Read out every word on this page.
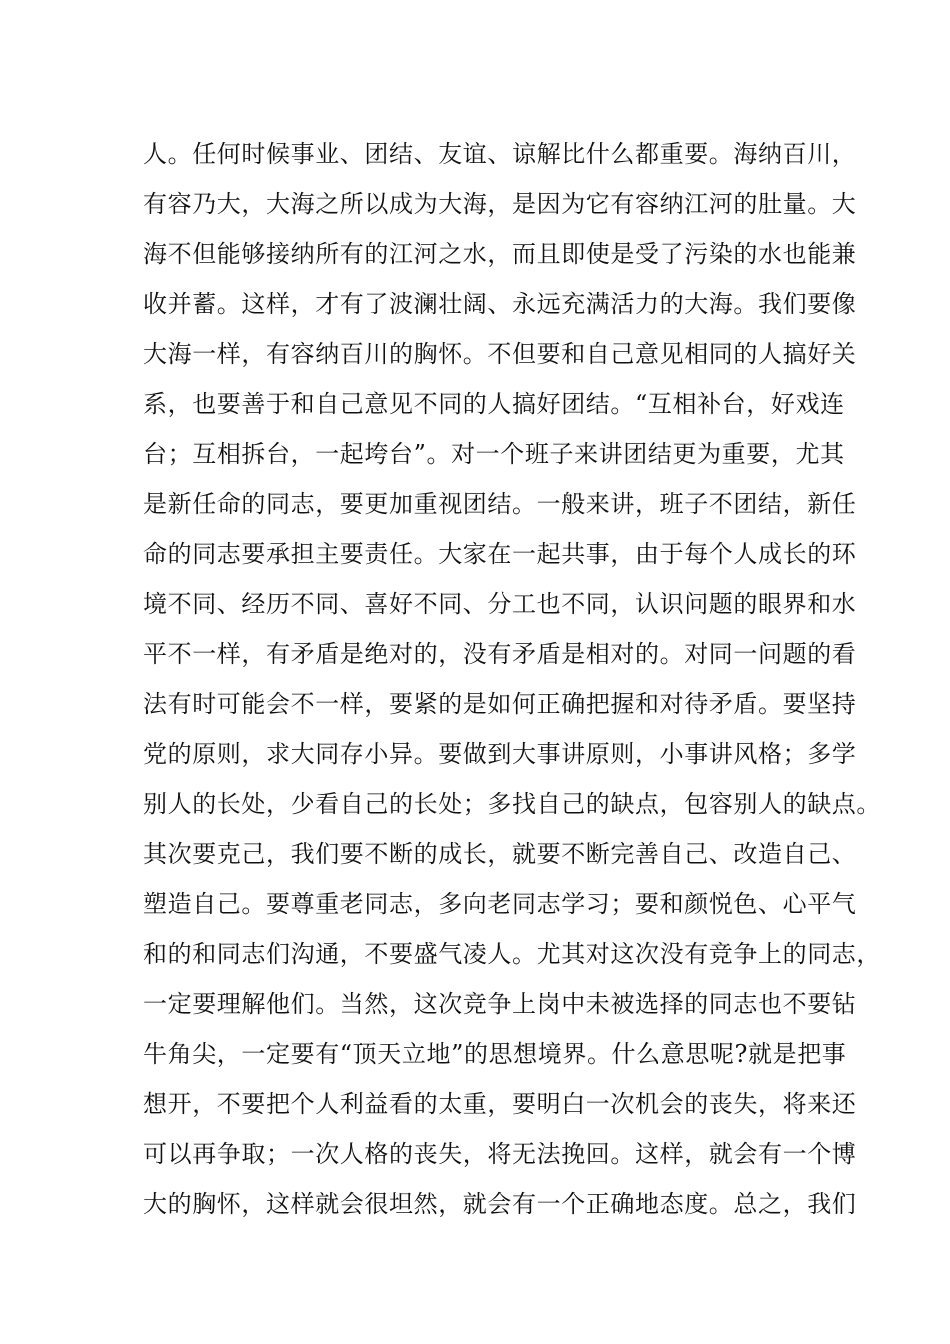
人。任何时候事业、团结、友谊、谅解比什么都重要。海纳百川，
有容乃大，大海之所以成为大海，是因为它有容纳江河的肚量。大
海不但能够接纳所有的江河之水，而且即使是受了污染的水也能兼
收并蓄。这样，才有了波澜壮阔、永远充满活力的大海。我们要像
大海一样，有容纳百川的胸怀。不但要和自己意见相同的人搞好关
系，也要善于和自己意见不同的人搞好团结。“互相补台，好戏连
台；互相拆台，一起垮台”。对一个班子来讲团结更为重要，尤其
是新任命的同志，要更加重视团结。一般来讲，班子不团结，新任
命的同志要承担主要责任。大家在一起共事，由于每个人成长的环
境不同、经历不同、喜好不同、分工也不同，认识问题的眼界和水
平不一样，有矛盾是绝对的，没有矛盾是相对的。对同一问题的看
法有时可能会不一样，要紧的是如何正确把握和对待矛盾。要坚持
党的原则，求大同存小异。要做到大事讲原则，小事讲风格；多学
别人的长处，少看自己的长处；多找自己的缺点，包容别人的缺点。
其次要克己，我们要不断的成长，就要不断完善自己、改造自己、
塑造自己。要尊重老同志，多向老同志学习；要和颜悦色、心平气
和的和同志们沟通，不要盛气凌人。尤其对这次没有竞争上的同志，
一定要理解他们。当然，这次竞争上岗中未被选择的同志也不要钻
牛角尖，一定要有“顶天立地”的思想境界。什么意思呢?就是把事
想开，不要把个人利益看的太重，要明白一次机会的丧失，将来还
可以再争取；一次人格的丧失，将无法挽回。这样，就会有一个博
大的胸怀，这样就会很坦然，就会有一个正确地态度。总之，我们
